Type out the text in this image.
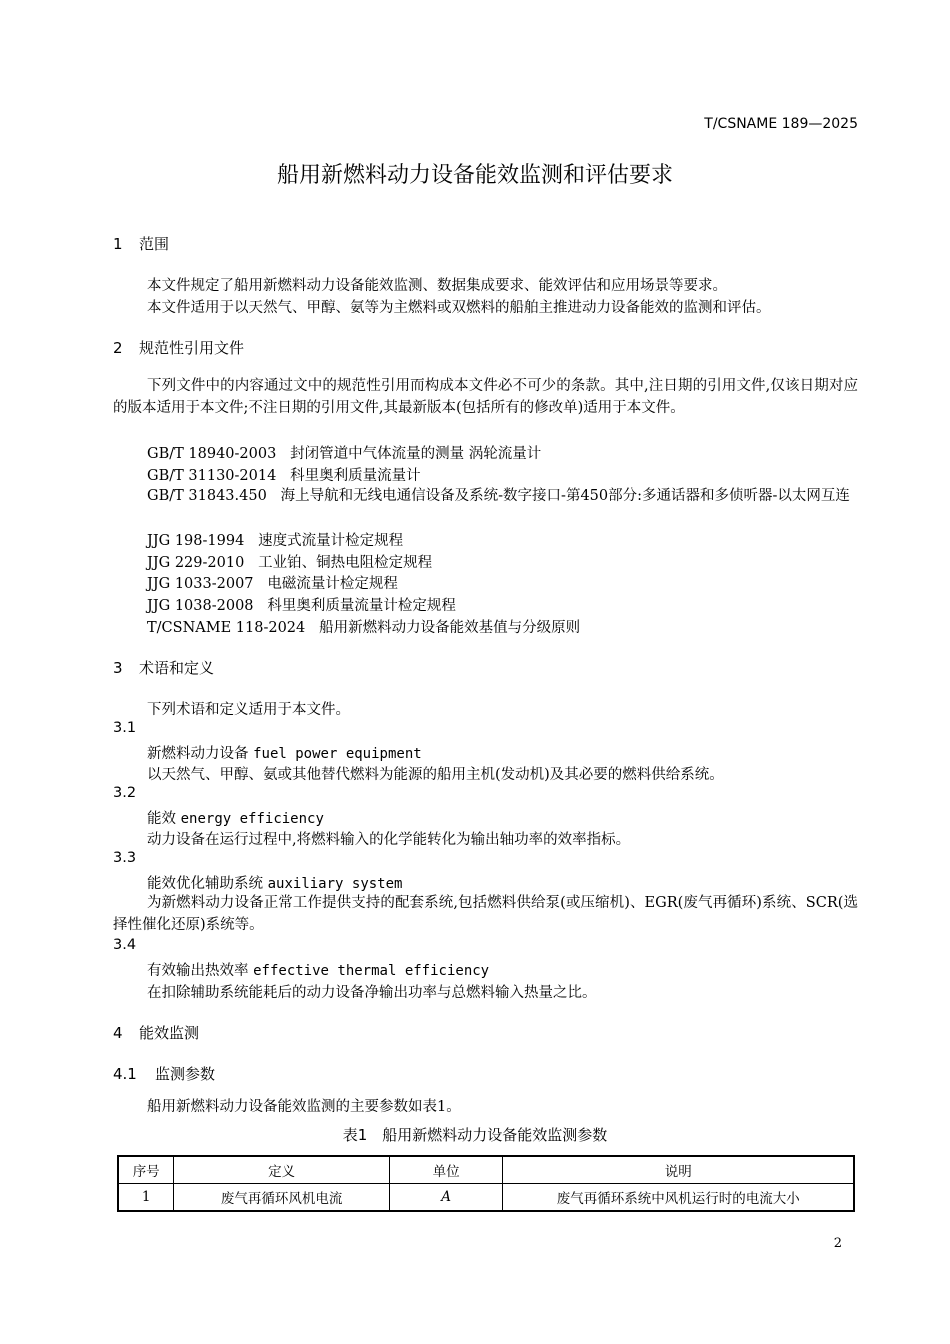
T/CSNAME 189—2025
船用新燃料动力设备能效监测和评估要求
1 范围
本文件规定了船用新燃料动力设备能效监测、数据集成要求、能效评估和应用场景等要求。
本文件适用于以天然气、甲醇、氨等为主燃料或双燃料的船舶主推进动力设备能效的监测和评估。
2 规范性引用文件
下列文件中的内容通过文中的规范性引用而构成本文件必不可少的条款。其中,注日期的引用文件,仅该日期对应的版本适用于本文件;不注日期的引用文件,其最新版本(包括所有的修改单)适用于本文件。
GB/T 18940-2003 封闭管道中气体流量的测量 涡轮流量计
GB/T 31130-2014 科里奥利质量流量计
GB/T 31843.450 海上导航和无线电通信设备及系统-数字接口-第450部分:多通话器和多侦听器-以太网互连
JJG 198-1994 速度式流量计检定规程
JJG 229-2010 工业铂、铜热电阻检定规程
JJG 1033-2007 电磁流量计检定规程
JJG 1038-2008 科里奥利质量流量计检定规程
T/CSNAME 118-2024 船用新燃料动力设备能效基值与分级原则
3 术语和定义
下列术语和定义适用于本文件。
3.1
新燃料动力设备 fuel power equipment
以天然气、甲醇、氨或其他替代燃料为能源的船用主机(发动机)及其必要的燃料供给系统。
3.2
能效 energy efficiency
动力设备在运行过程中,将燃料输入的化学能转化为输出轴功率的效率指标。
3.3
能效优化辅助系统 auxiliary system
为新燃料动力设备正常工作提供支持的配套系统,包括燃料供给泵(或压缩机)、EGR(废气再循环)系统、SCR(选择性催化还原)系统等。
3.4
有效输出热效率 effective thermal efficiency
在扣除辅助系统能耗后的动力设备净输出功率与总燃料输入热量之比。
4 能效监测
4.1 监测参数
船用新燃料动力设备能效监测的主要参数如表1。
表1　船用新燃料动力设备能效监测参数
序号	定义	单位	说明
1	废气再循环风机电流	A	废气再循环系统中风机运行时的电流大小
2
